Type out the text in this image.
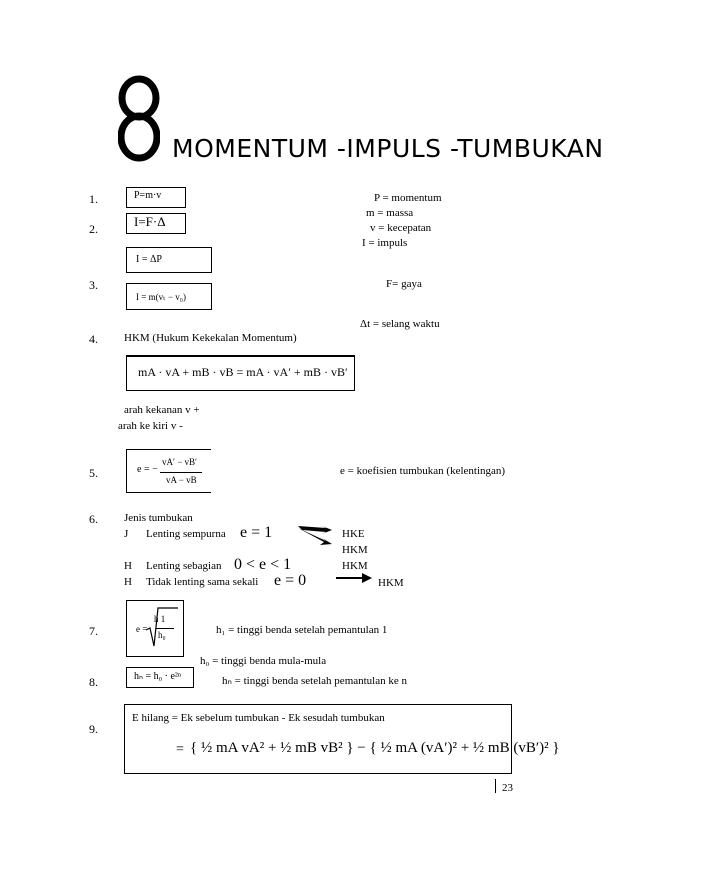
MOMENTUM -IMPULS -TUMBUKAN
1.
2.
3.
4.
5.
6.
7.
8.
9.
P=m·v
I=F·Δ
I = ΔP
I = m(vₜ − v₀)
P = momentum
m = massa
v = kecepatan
I = impuls
F= gaya
Δt = selang waktu
HKM (Hukum Kekekalan Momentum)
mA · vA + mB · vB = mA · vA′ + mB · vB′
arah kekanan v +
arah ke kiri v -
e = −
vA′ − vB′
vA − vB
e = koefisien tumbukan (kelentingan)
Jenis tumbukan
J Lenting sempurna e = 1
H Lenting sebagian 0 < e < 1
H Tidak lenting sama sekali e = 0
HKE
HKM
HKM
HKM
e =
h 1
h₀	h₁ = tinggi benda setelah pemantulan 1
h₀ = tinggi benda mula-mula
hₙ = h₀ · e²ⁿ	hₙ = tinggi benda setelah pemantulan ke n
E hilang = Ek sebelum tumbukan - Ek sesudah tumbukan
= { ½ mA vA² + ½ mB vB² } − { ½ mA (vA′)² + ½ mB (vB′)² }
23
